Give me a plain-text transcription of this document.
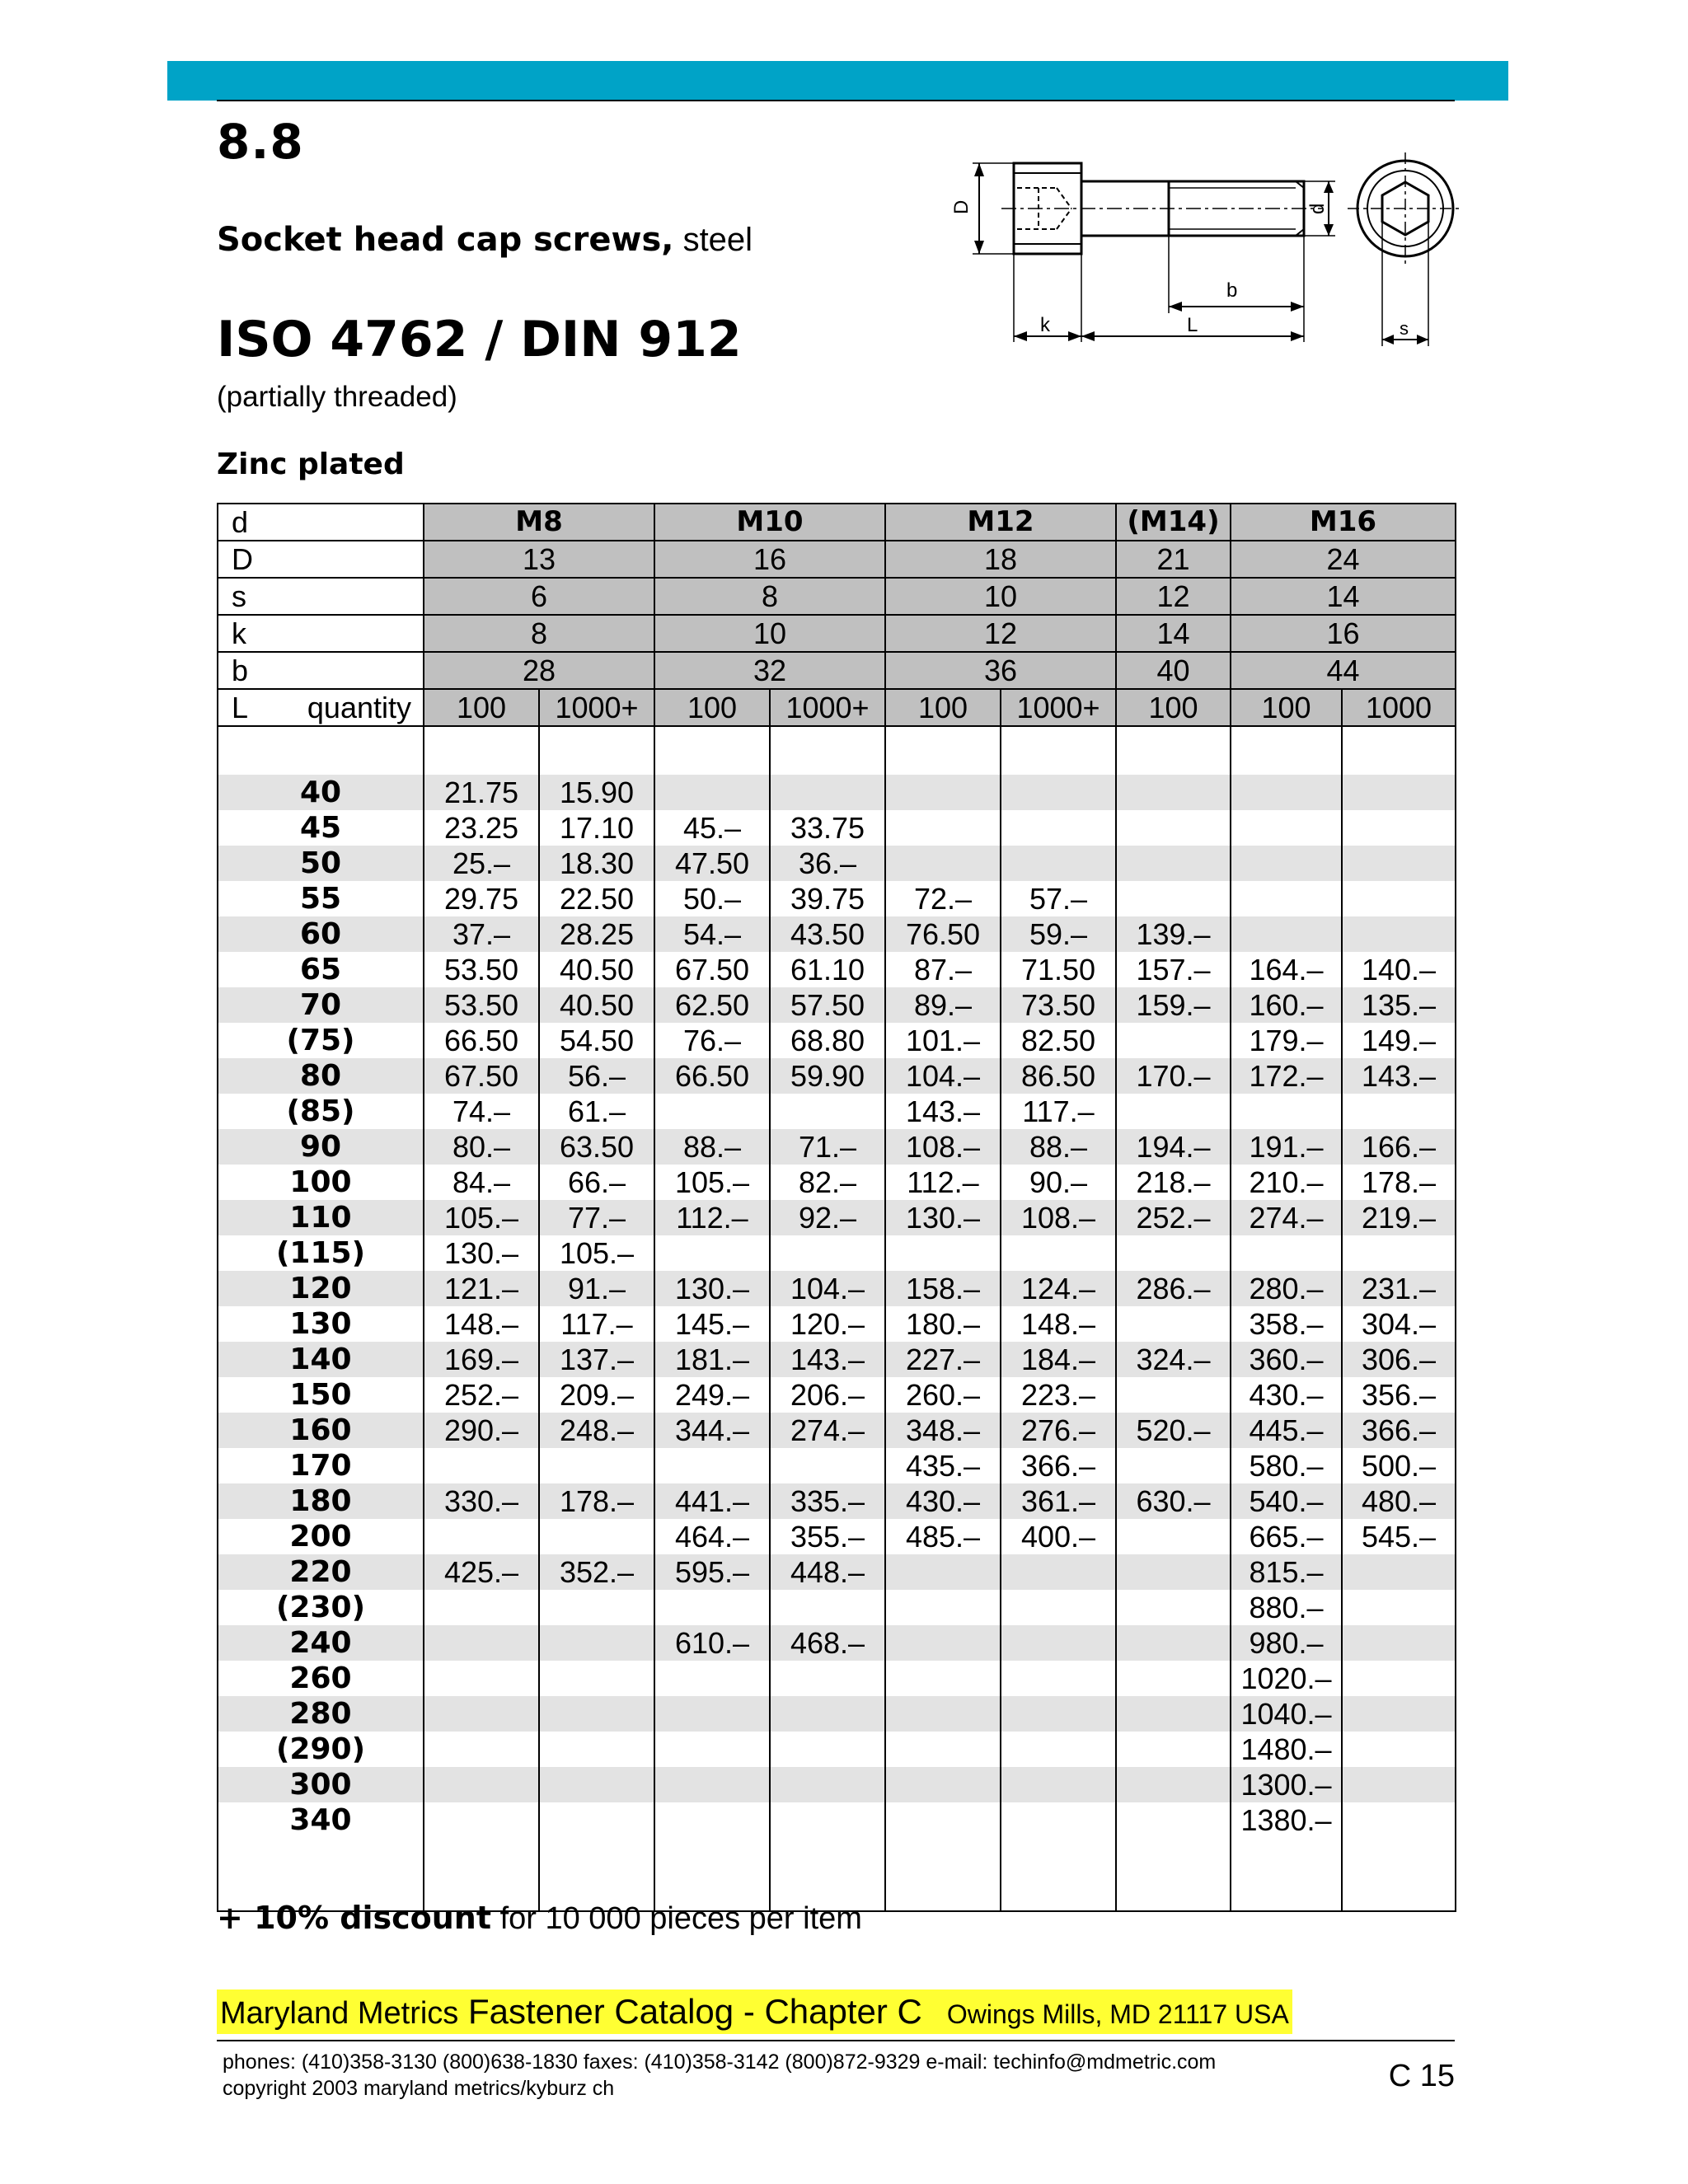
8.8
Socket head cap screws, steel
ISO 4762 / DIN 912
(partially threaded)
Zinc plated
D	d
b
k	L	s
d	M8		M10		M12		(M14)	M16	
D	13		16		18		21	24	
s	6		8		10		12	14	
k	8		10		12		14	16	
b	28		32		36		40	44	
L quantity	100	1000+	100	1000+	100	1000+	100	100	1000

40	21.75	15.90							
45	23.25	17.10	45.–	33.75					
50	25.–	18.30	47.50	36.–					
55	29.75	22.50	50.–	39.75	72.–	57.–			
60	37.–	28.25	54.–	43.50	76.50	59.–	139.–		
65	53.50	40.50	67.50	61.10	87.–	71.50	157.–	164.–	140.–
70	53.50	40.50	62.50	57.50	89.–	73.50	159.–	160.–	135.–
(75)	66.50	54.50	76.–	68.80	101.–	82.50		179.–	149.–
80	67.50	56.–	66.50	59.90	104.–	86.50	170.–	172.–	143.–
(85)	74.–	61.–			143.–	117.–			
90	80.–	63.50	88.–	71.–	108.–	88.–	194.–	191.–	166.–
100	84.–	66.–	105.–	82.–	112.–	90.–	218.–	210.–	178.–
110	105.–	77.–	112.–	92.–	130.–	108.–	252.–	274.–	219.–
(115)	130.–	105.–							
120	121.–	91.–	130.–	104.–	158.–	124.–	286.–	280.–	231.–
130	148.–	117.–	145.–	120.–	180.–	148.–		358.–	304.–
140	169.–	137.–	181.–	143.–	227.–	184.–	324.–	360.–	306.–
150	252.–	209.–	249.–	206.–	260.–	223.–		430.–	356.–
160	290.–	248.–	344.–	274.–	348.–	276.–	520.–	445.–	366.–
170					435.–	366.–		580.–	500.–
180	330.–	178.–	441.–	335.–	430.–	361.–	630.–	540.–	480.–
200			464.–	355.–	485.–	400.–		665.–	545.–
220	425.–	352.–	595.–	448.–				815.–	
(230)								880.–	
240			610.–	468.–				980.–	
260								1020.–	
280								1040.–	
(290)								1480.–	
300								1300.–	
340								1380.–	

+ 10% discount for 10 000 pieces per item
Maryland Metrics Fastener Catalog - Chapter C Owings Mills, MD 21117 USA
phones: (410)358-3130 (800)638-1830 faxes: (410)358-3142 (800)872-9329 e-mail: techinfo@mdmetric.com
copyright 2003 maryland metrics/kyburz ch	C 15
